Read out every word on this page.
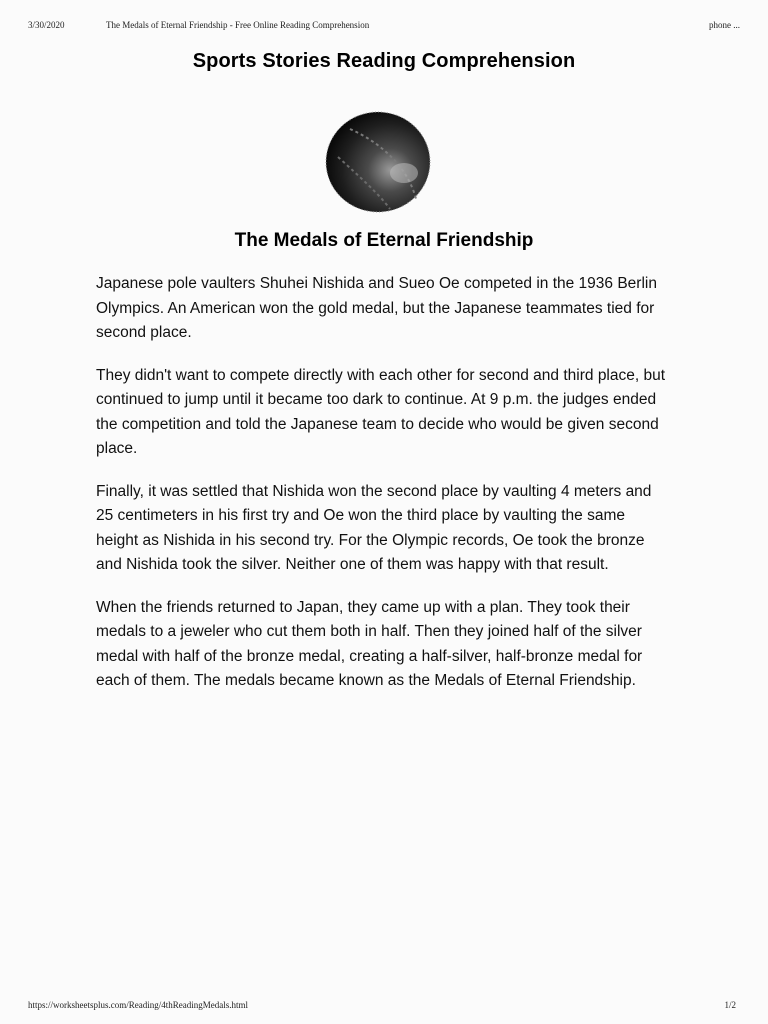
3/30/2020	The Medals of Eternal Friendship - Free Online Reading Comprehension	phone ...
Sports Stories Reading Comprehension
The Medals of Eternal Friendship

Japanese pole vaulters Shuhei Nishida and Sueo Oe competed in the 1936 Berlin Olympics. An American won the gold medal, but the Japanese teammates tied for second place.

They didn't want to compete directly with each other for second and third place, but continued to jump until it became too dark to continue. At 9 p.m. the judges ended the competition and told the Japanese team to decide who would be given second place.

Finally, it was settled that Nishida won the second place by vaulting 4 meters and 25 centimeters in his first try and Oe won the third place by vaulting the same height as Nishida in his second try. For the Olympic records, Oe took the bronze and Nishida took the silver. Neither one of them was happy with that result.

When the friends returned to Japan, they came up with a plan. They took their medals to a jeweler who cut them both in half. Then they joined half of the silver medal with half of the bronze medal, creating a half-silver, half-bronze medal for each of them. The medals became known as the Medals of Eternal Friendship.

https://worksheetsplus.com/Reading/4thReadingMedals.html	1/2
